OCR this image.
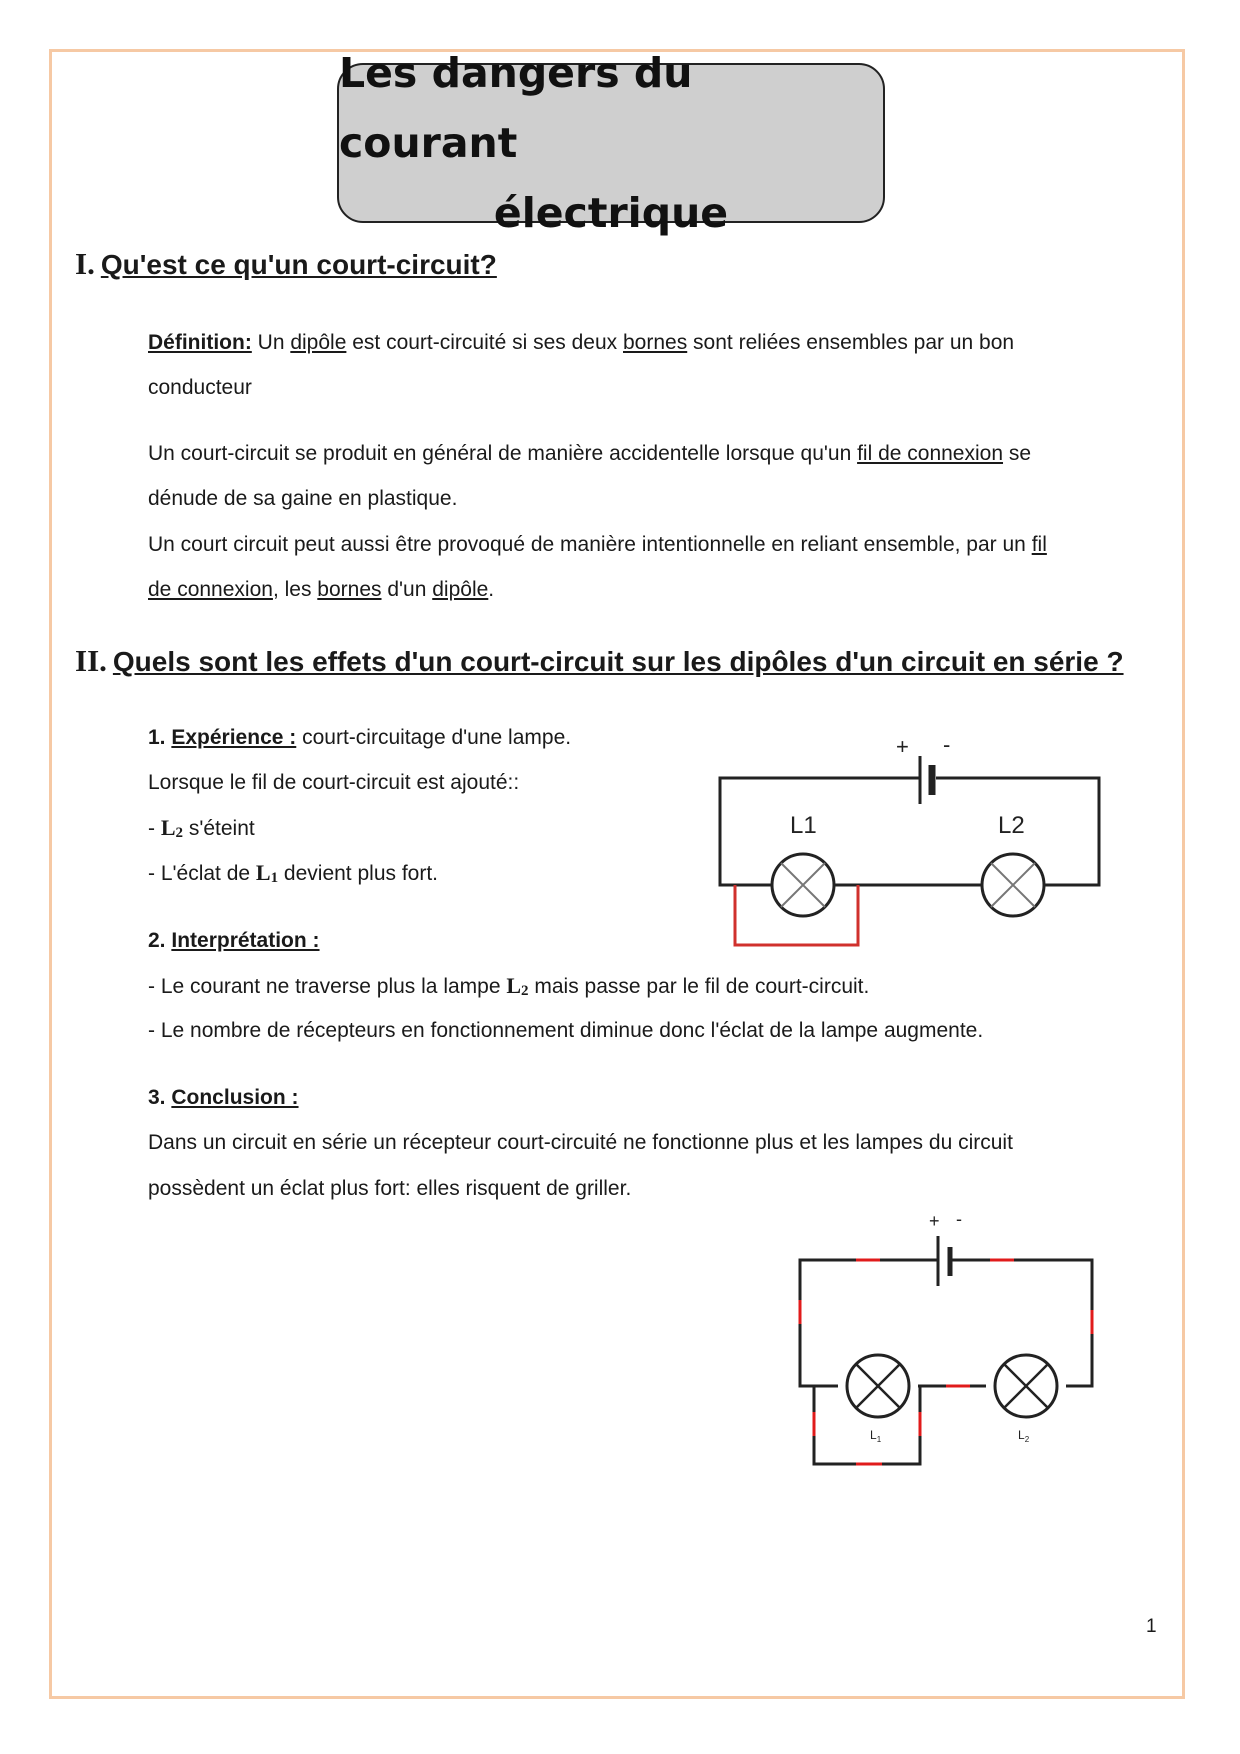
Les dangers du courant
électrique
I. Qu'est ce qu'un court-circuit?
Définition: Un dipôle est court-circuité si ses deux bornes sont reliées ensembles par un bon
conducteur
Un court-circuit se produit en général de manière accidentelle lorsque qu'un fil de connexion se
dénude de sa gaine en plastique.
Un court circuit peut aussi être provoqué de manière intentionnelle en reliant ensemble, par un fil
de connexion, les bornes d'un dipôle.
II. Quels sont les effets d'un court-circuit sur les dipôles d'un circuit en série ?
1. Expérience : court-circuitage d'une lampe.
Lorsque le fil de court-circuit est ajouté::
- $L_2$ s'éteint
- L'éclat de $L_1$ devient plus fort.
2. Interprétation :
- Le courant ne traverse plus la lampe $L_2$ mais passe par le fil de court-circuit.
- Le nombre de récepteurs en fonctionnement diminue donc l'éclat de la lampe augmente.
3. Conclusion :
Dans un circuit en série un récepteur court-circuité ne fonctionne plus et les lampes du circuit
possèdent un éclat plus fort: elles risquent de griller.
+ -
L1	L2
+ -
$L_1$	$L_2$
1
